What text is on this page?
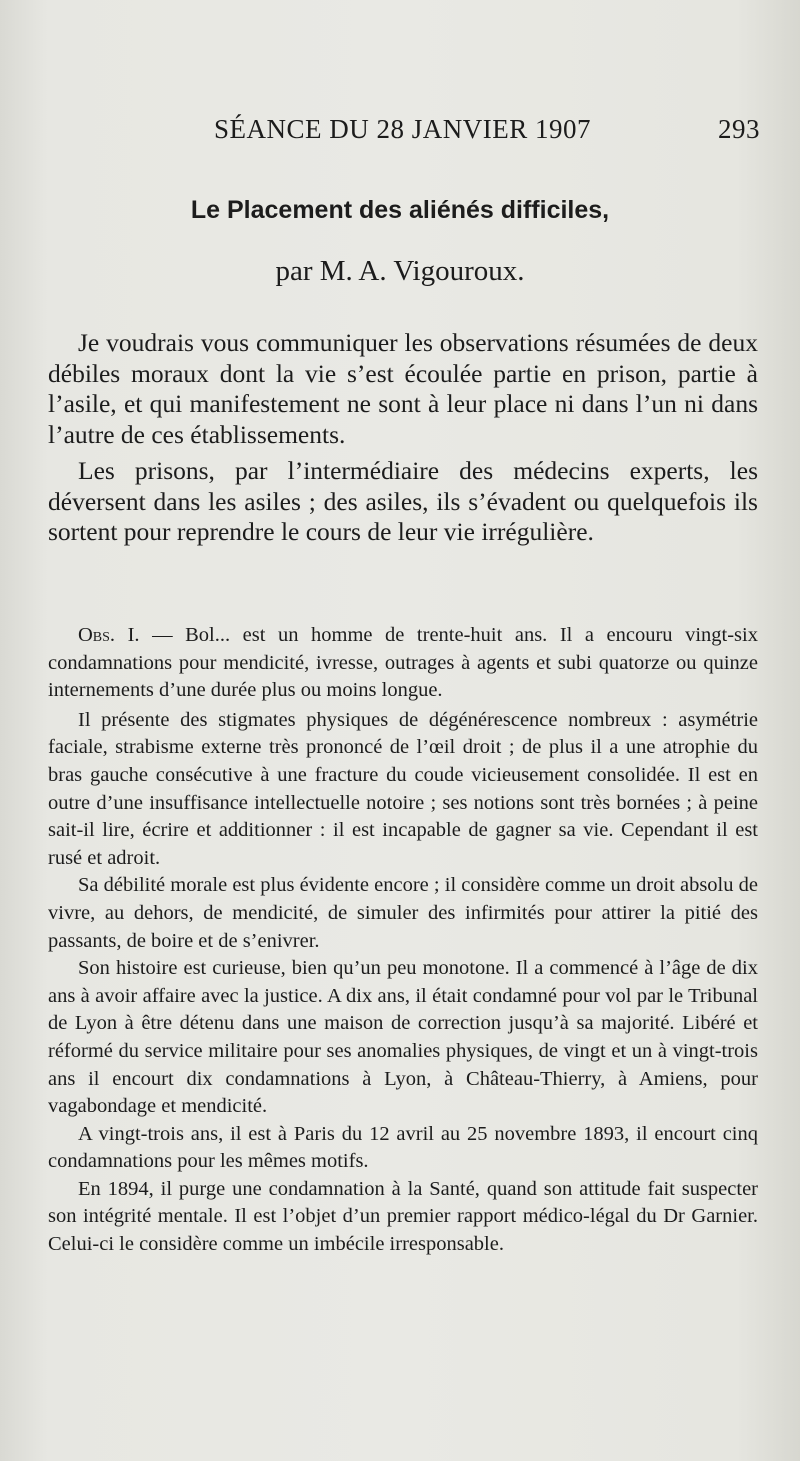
SÉANCE DU 28 JANVIER 1907	293
Le Placement des aliénés difficiles,
par M. A. Vigouroux.

Je voudrais vous communiquer les observations résumées de deux débiles moraux dont la vie s’est écoulée partie en prison, partie à l’asile, et qui manifestement ne sont à leur place ni dans l’un ni dans l’autre de ces établissements.

Les prisons, par l’intermédiaire des médecins experts, les déversent dans les asiles ; des asiles, ils s’évadent ou quelquefois ils sortent pour reprendre le cours de leur vie irrégulière.

Obs. I. — Bol... est un homme de trente-huit ans. Il a encouru vingt-six condamnations pour mendicité, ivresse, outrages à agents et subi quatorze ou quinze internements d’une durée plus ou moins longue.

Il présente des stigmates physiques de dégénérescence nombreux : asymétrie faciale, strabisme externe très prononcé de l’œil droit ; de plus il a une atrophie du bras gauche consécutive à une fracture du coude vicieusement consolidée. Il est en outre d’une insuffisance intellectuelle notoire ; ses notions sont très bornées ; à peine sait-il lire, écrire et additionner : il est incapable de gagner sa vie. Cependant il est rusé et adroit.

Sa débilité morale est plus évidente encore ; il considère comme un droit absolu de vivre, au dehors, de mendicité, de simuler des infirmités pour attirer la pitié des passants, de boire et de s’enivrer.

Son histoire est curieuse, bien qu’un peu monotone. Il a commencé à l’âge de dix ans à avoir affaire avec la justice. A dix ans, il était condamné pour vol par le Tribunal de Lyon à être détenu dans une maison de correction jusqu’à sa majorité. Libéré et réformé du service militaire pour ses anomalies physiques, de vingt et un à vingt-trois ans il encourt dix condamnations à Lyon, à Château-Thierry, à Amiens, pour vagabondage et mendicité.

A vingt-trois ans, il est à Paris du 12 avril au 25 novembre 1893, il encourt cinq condamnations pour les mêmes motifs.

En 1894, il purge une condamnation à la Santé, quand son attitude fait suspecter son intégrité mentale. Il est l’objet d’un premier rapport médico-légal du Dr Garnier. Celui-ci le considère comme un imbécile irresponsable.
